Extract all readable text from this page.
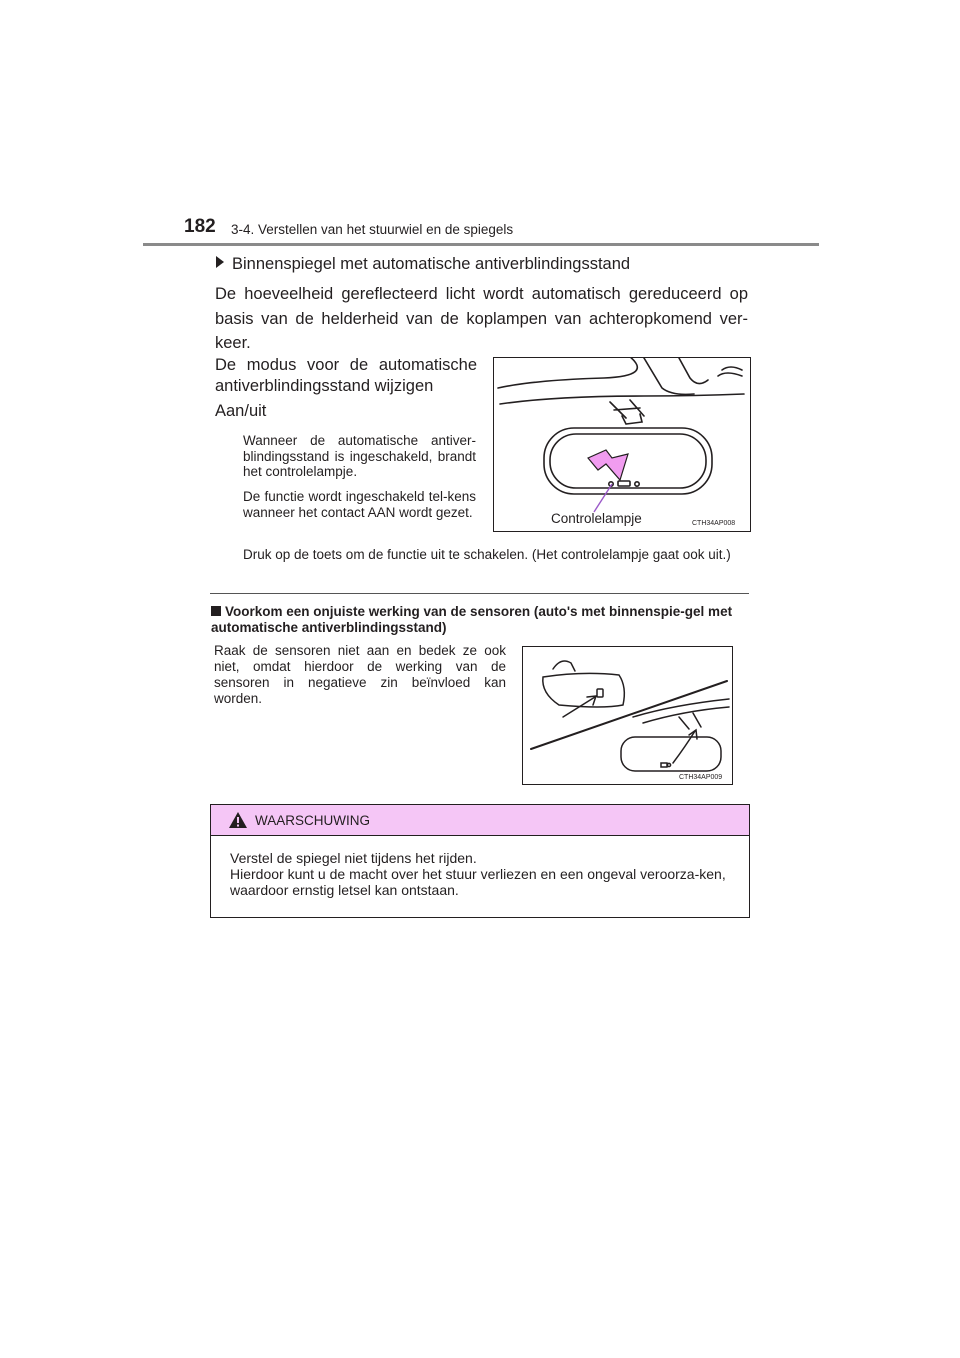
182 3-4. Verstellen van het stuurwiel en de spiegels
Binnenspiegel met automatische antiverblindingsstand
De hoeveelheid gereflecteerd licht wordt automatisch gereduceerd op basis van de helderheid van de koplampen van achteropkomend ver-keer.
De modus voor de automatische
antiverblindingsstand wijzigen
Aan/uit
Wanneer de automatische antiver-blindingsstand is ingeschakeld, brandt het controlelampje.
De functie wordt ingeschakeld tel-kens wanneer het contact AAN wordt gezet.
Druk op de toets om de functie uit te schakelen. (Het controlelampje gaat ook uit.)
Controlelampje	CTH34AP008
Voorkom een onjuiste werking van de sensoren (auto's met binnenspie-gel met automatische antiverblindingsstand)
Raak de sensoren niet aan en bedek ze ook niet, omdat hierdoor de werking van de sensoren in negatieve zin beïnvloed kan worden.
CTH34AP009
WAARSCHUWING
Verstel de spiegel niet tijdens het rijden.
Hierdoor kunt u de macht over het stuur verliezen en een ongeval veroorza-ken, waardoor ernstig letsel kan ontstaan.
